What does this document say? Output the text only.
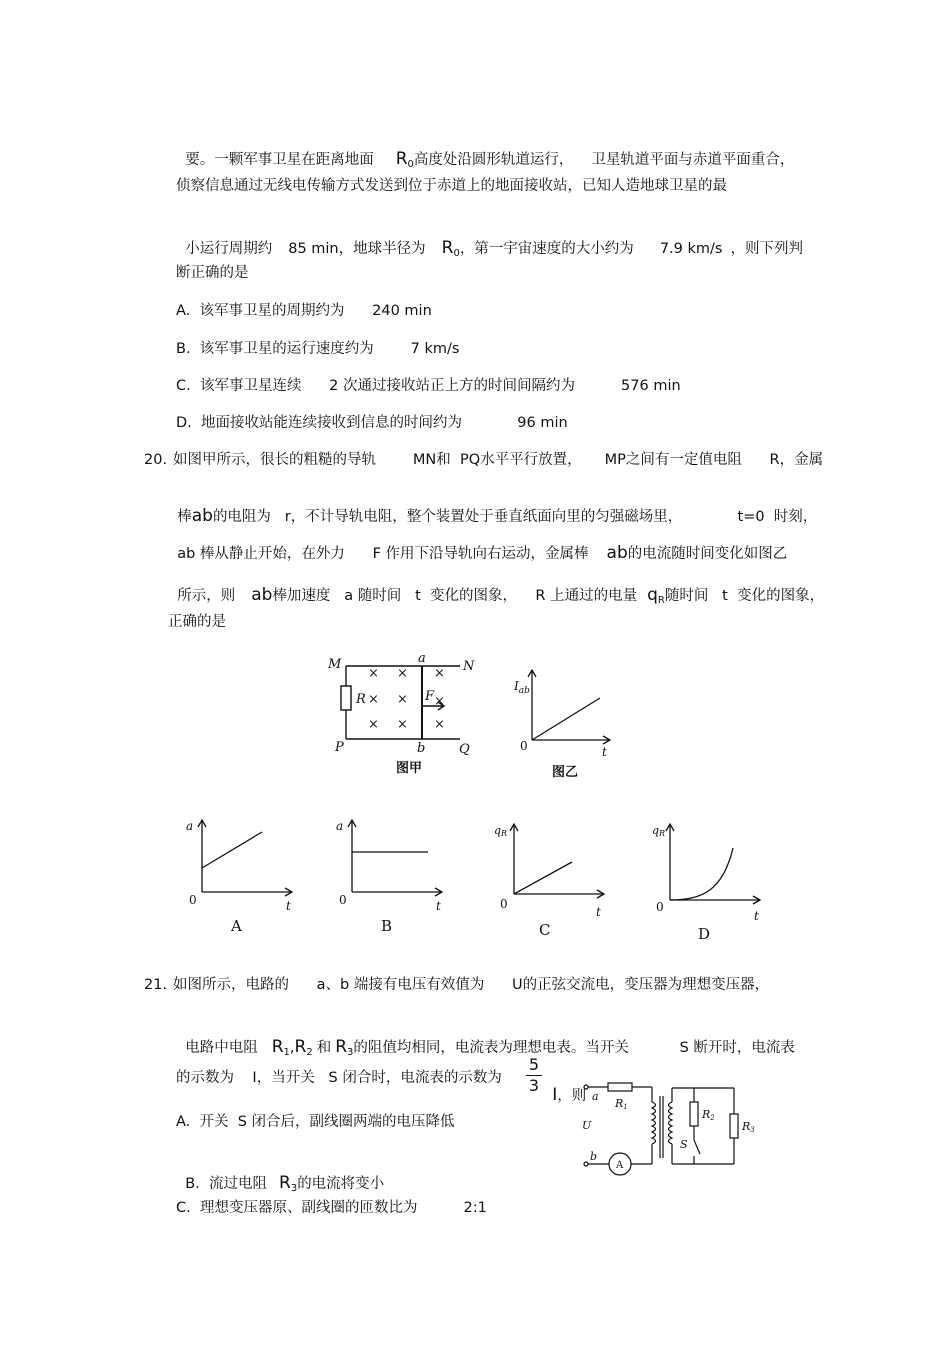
要。一颗军事卫星在距离地面 $R_0$高度处沿圆形轨道运行， 卫星轨道平面与赤道平面重合，

侦察信息通过无线电传输方式发送到位于赤道上的地面接收站，已知人造地球卫星的最

小运行周期约 85 min，地球半径为 $R_0$，第一宇宙速度的大小约为 7.9 km/s ，则下列判

断正确的是
A.  该军事卫星的周期约为      240 min
B.  该军事卫星的运行速度约为        7 km/s
C.  该军事卫星连续      2 次通过接收站正上方的时间间隔约为          576 min
D.  地面接收站能连续接收到信息的时间约为            96 min
20. 如图甲所示，很长的粗糙的导轨        MN和  PQ水平平行放置，     MP之间有一定值电阻      R，金属

棒ab的电阻为   r，不计导轨电阻，整个装置处于垂直纸面向里的匀强磁场里，            t=0  时刻，

ab 棒从静止开始，在外力      F 作用下沿导轨向右运动，金属棒 ab的电流随时间变化如图乙

所示，则 ab棒加速度   a 随时间   t  变化的图象，    R 上通过的电量 $q_R$随时间   t  变化的图象，

正确的是
M	N
P	Q
a
b
R	F
× × ×
× × ×
× × ×
图甲
$I_{ab}$
0	t
图乙
a
0	t
A
a
0	t
B
qR
0
t
C
qR
0
t
D
21. 如图所示，电路的      a、b 端接有电压有效值为      U的正弦交流电，变压器为理想变压器，

电路中电阻 $R_1,R_2$ 和 $R_3$的阻值均相同，电流表为理想电表。当开关           S 断开时，电流表

的示数为    I，当开关   S 闭合时，电流表的示数为
5
3 I，则

A.  开关  S 闭合后，副线圈两端的电压降低

B.  流过电阻 $R_3$的电流将变小

C.  理想变压器原、副线圈的匝数比为          2:1
a
b
U
R1
R2
R3
S
A
